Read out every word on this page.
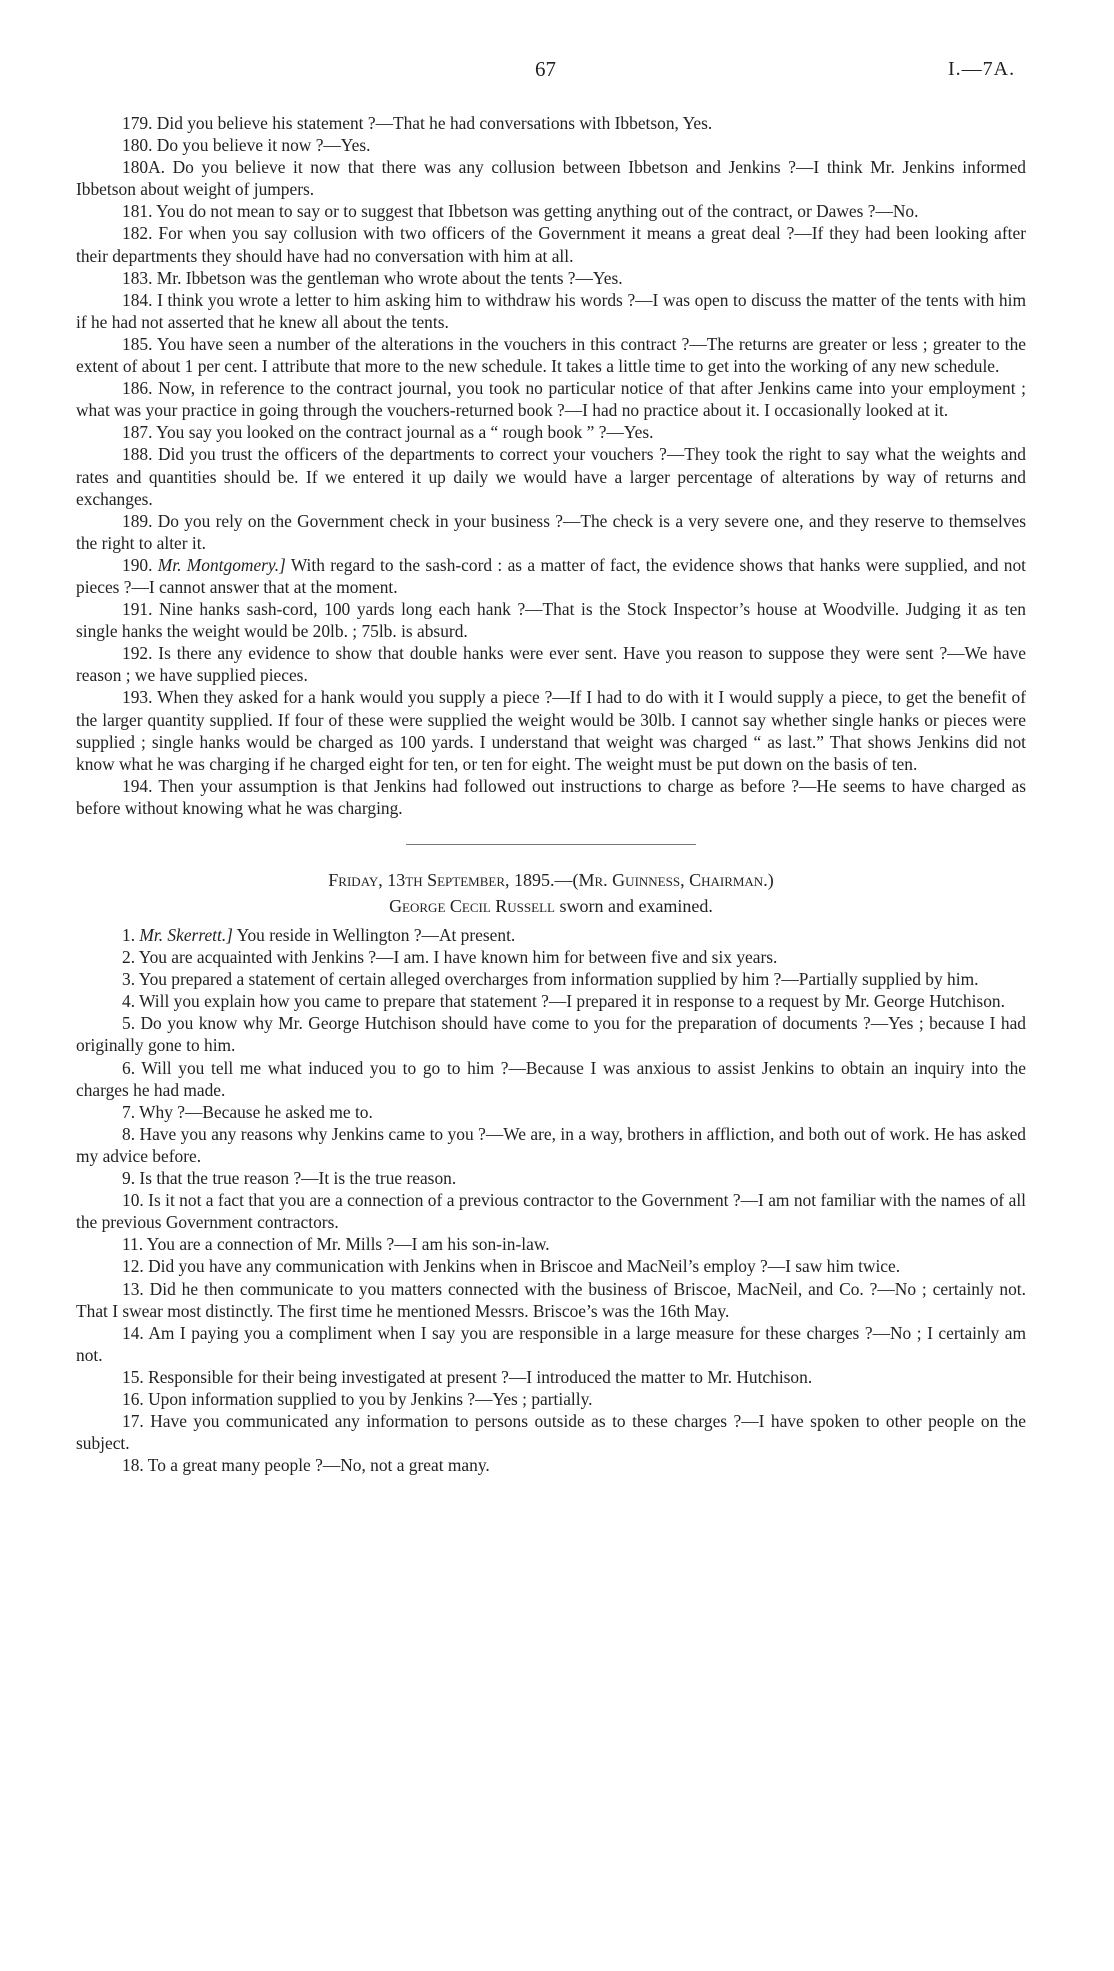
67	I.—7A.

179. Did you believe his statement ?—That he had conversations with Ibbetson, Yes.

180. Do you believe it now ?—Yes.

180A. Do you believe it now that there was any collusion between Ibbetson and Jenkins ?—I think Mr. Jenkins informed Ibbetson about weight of jumpers.

181. You do not mean to say or to suggest that Ibbetson was getting anything out of the contract, or Dawes ?—No.

182. For when you say collusion with two officers of the Government it means a great deal ?—If they had been looking after their departments they should have had no conversation with him at all.

183. Mr. Ibbetson was the gentleman who wrote about the tents ?—Yes.

184. I think you wrote a letter to him asking him to withdraw his words ?—I was open to discuss the matter of the tents with him if he had not asserted that he knew all about the tents.

185. You have seen a number of the alterations in the vouchers in this contract ?—The returns are greater or less ; greater to the extent of about 1 per cent. I attribute that more to the new schedule. It takes a little time to get into the working of any new schedule.

186. Now, in reference to the contract journal, you took no particular notice of that after Jenkins came into your employment ; what was your practice in going through the vouchers-returned book ?—I had no practice about it. I occasionally looked at it.

187. You say you looked on the contract journal as a “ rough book ” ?—Yes.

188. Did you trust the officers of the departments to correct your vouchers ?—They took the right to say what the weights and rates and quantities should be. If we entered it up daily we would have a larger percentage of alterations by way of returns and exchanges.

189. Do you rely on the Government check in your business ?—The check is a very severe one, and they reserve to themselves the right to alter it.

190. Mr. Montgomery.] With regard to the sash-cord : as a matter of fact, the evidence shows that hanks were supplied, and not pieces ?—I cannot answer that at the moment.

191. Nine hanks sash-cord, 100 yards long each hank ?—That is the Stock Inspector’s house at Woodville. Judging it as ten single hanks the weight would be 20lb. ; 75lb. is absurd.

192. Is there any evidence to show that double hanks were ever sent. Have you reason to suppose they were sent ?—We have reason ; we have supplied pieces.

193. When they asked for a hank would you supply a piece ?—If I had to do with it I would supply a piece, to get the benefit of the larger quantity supplied. If four of these were supplied the weight would be 30lb. I cannot say whether single hanks or pieces were supplied ; single hanks would be charged as 100 yards. I understand that weight was charged “ as last.” That shows Jenkins did not know what he was charging if he charged eight for ten, or ten for eight. The weight must be put down on the basis of ten.

194. Then your assumption is that Jenkins had followed out instructions to charge as before ?—He seems to have charged as before without knowing what he was charging.

Friday, 13th September, 1895.—(Mr. Guinness, Chairman.)

George Cecil Russell sworn and examined.

1. Mr. Skerrett.] You reside in Wellington ?—At present.

2. You are acquainted with Jenkins ?—I am. I have known him for between five and six years.

3. You prepared a statement of certain alleged overcharges from information supplied by him ?—Partially supplied by him.

4. Will you explain how you came to prepare that statement ?—I prepared it in response to a request by Mr. George Hutchison.

5. Do you know why Mr. George Hutchison should have come to you for the preparation of documents ?—Yes ; because I had originally gone to him.

6. Will you tell me what induced you to go to him ?—Because I was anxious to assist Jenkins to obtain an inquiry into the charges he had made.

7. Why ?—Because he asked me to.

8. Have you any reasons why Jenkins came to you ?—We are, in a way, brothers in affliction, and both out of work. He has asked my advice before.

9. Is that the true reason ?—It is the true reason.

10. Is it not a fact that you are a connection of a previous contractor to the Government ?—I am not familiar with the names of all the previous Government contractors.

11. You are a connection of Mr. Mills ?—I am his son-in-law.

12. Did you have any communication with Jenkins when in Briscoe and MacNeil’s employ ?—I saw him twice.

13. Did he then communicate to you matters connected with the business of Briscoe, MacNeil, and Co. ?—No ; certainly not. That I swear most distinctly. The first time he mentioned Messrs. Briscoe’s was the 16th May.

14. Am I paying you a compliment when I say you are responsible in a large measure for these charges ?—No ; I certainly am not.

15. Responsible for their being investigated at present ?—I introduced the matter to Mr. Hutchison.

16. Upon information supplied to you by Jenkins ?—Yes ; partially.

17. Have you communicated any information to persons outside as to these charges ?—I have spoken to other people on the subject.

18. To a great many people ?—No, not a great many.
